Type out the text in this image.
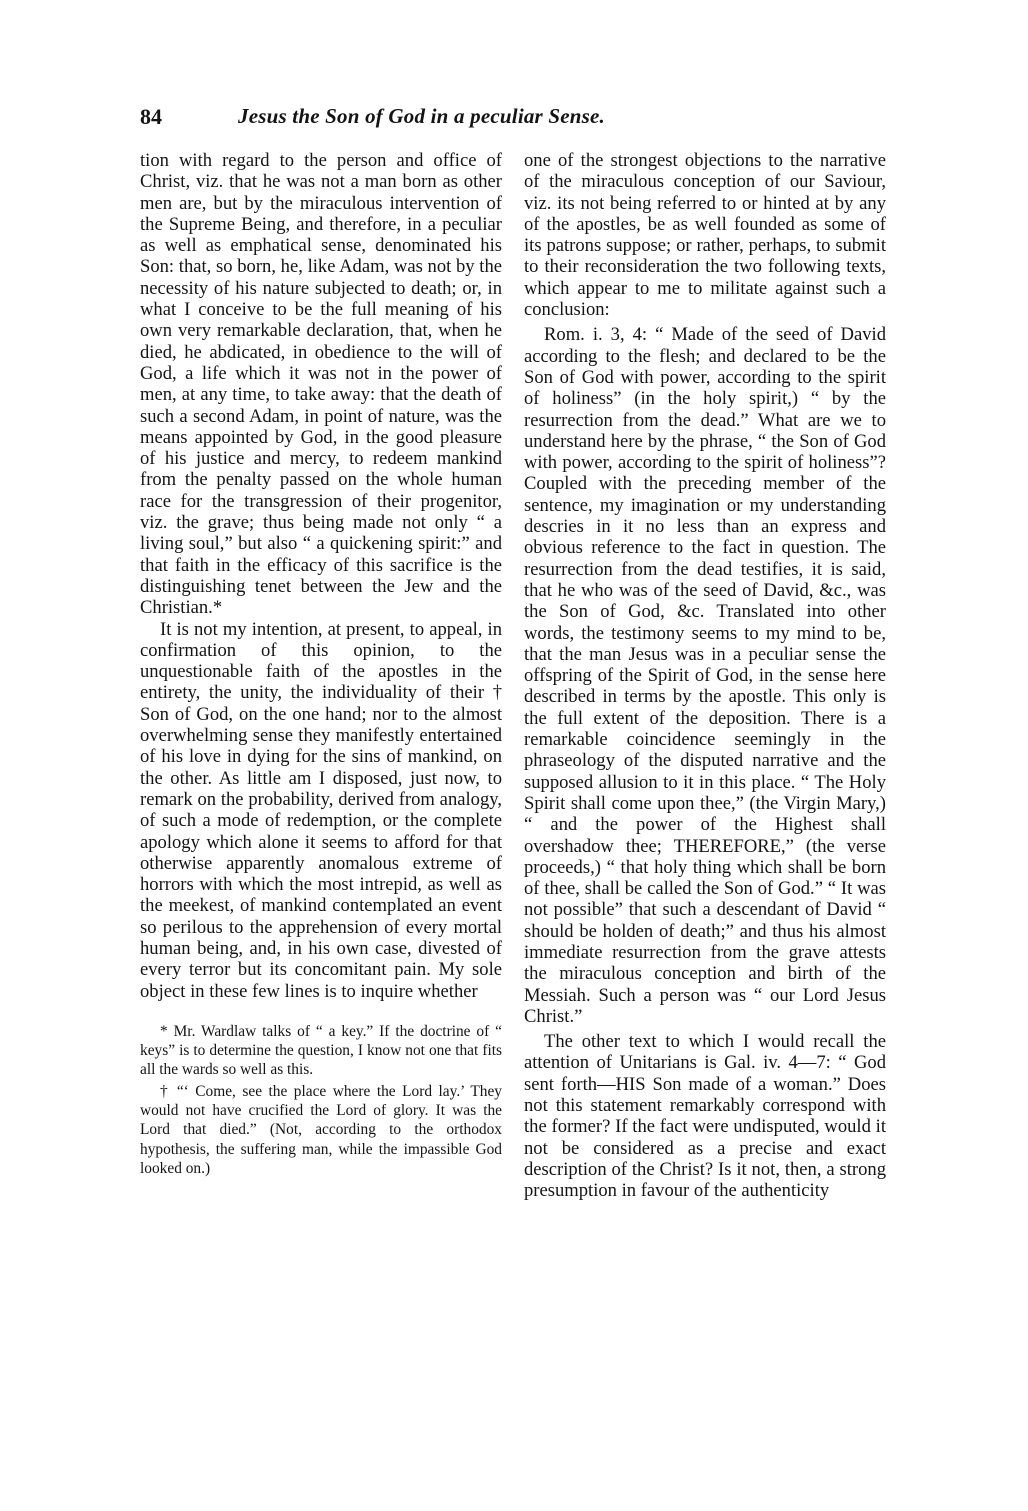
84	Jesus the Son of God in a peculiar Sense.

tion with regard to the person and office of Christ, viz. that he was not a man born as other men are, but by the miraculous intervention of the Supreme Being, and therefore, in a peculiar as well as emphatical sense, denominated his Son: that, so born, he, like Adam, was not by the necessity of his nature subjected to death; or, in what I conceive to be the full meaning of his own very remarkable declaration, that, when he died, he abdicated, in obedience to the will of God, a life which it was not in the power of men, at any time, to take away: that the death of such a second Adam, in point of nature, was the means appointed by God, in the good pleasure of his justice and mercy, to redeem mankind from the penalty passed on the whole human race for the transgression of their progenitor, viz. the grave; thus being made not only “ a living soul,” but also “ a quickening spirit:” and that faith in the efficacy of this sacrifice is the distinguishing tenet between the Jew and the Christian.*

It is not my intention, at present, to appeal, in confirmation of this opinion, to the unquestionable faith of the apostles in the entirety, the unity, the individuality of their † Son of God, on the one hand; nor to the almost overwhelming sense they manifestly entertained of his love in dying for the sins of mankind, on the other. As little am I disposed, just now, to remark on the probability, derived from analogy, of such a mode of redemption, or the complete apology which alone it seems to afford for that otherwise apparently anomalous extreme of horrors with which the most intrepid, as well as the meekest, of mankind contemplated an event so perilous to the apprehension of every mortal human being, and, in his own case, divested of every terror but its concomitant pain. My sole object in these few lines is to inquire whether

* Mr. Wardlaw talks of “ a key.” If the doctrine of “ keys” is to determine the question, I know not one that fits all the wards so well as this.

† “‘ Come, see the place where the Lord lay.’ They would not have crucified the Lord of glory. It was the Lord that died.” (Not, according to the orthodox hypothesis, the suffering man, while the impassible God looked on.)

one of the strongest objections to the narrative of the miraculous conception of our Saviour, viz. its not being referred to or hinted at by any of the apostles, be as well founded as some of its patrons suppose; or rather, perhaps, to submit to their reconsideration the two following texts, which appear to me to militate against such a conclusion:

Rom. i. 3, 4: “ Made of the seed of David according to the flesh; and declared to be the Son of God with power, according to the spirit of holiness” (in the holy spirit,) “ by the resurrection from the dead.” What are we to understand here by the phrase, “ the Son of God with power, according to the spirit of holiness”? Coupled with the preceding member of the sentence, my imagination or my understanding descries in it no less than an express and obvious reference to the fact in question. The resurrection from the dead testifies, it is said, that he who was of the seed of David, &c., was the Son of God, &c. Translated into other words, the testimony seems to my mind to be, that the man Jesus was in a peculiar sense the offspring of the Spirit of God, in the sense here described in terms by the apostle. This only is the full extent of the deposition. There is a remarkable coincidence seemingly in the phraseology of the disputed narrative and the supposed allusion to it in this place. “ The Holy Spirit shall come upon thee,” (the Virgin Mary,) “ and the power of the Highest shall overshadow thee; THEREFORE,” (the verse proceeds,) “ that holy thing which shall be born of thee, shall be called the Son of God.” “ It was not possible” that such a descendant of David “ should be holden of death;” and thus his almost immediate resurrection from the grave attests the miraculous conception and birth of the Messiah. Such a person was “ our Lord Jesus Christ.”

The other text to which I would recall the attention of Unitarians is Gal. iv. 4—7: “ God sent forth—HIS Son made of a woman.” Does not this statement remarkably correspond with the former? If the fact were undisputed, would it not be considered as a precise and exact description of the Christ? Is it not, then, a strong presumption in favour of the authenticity
